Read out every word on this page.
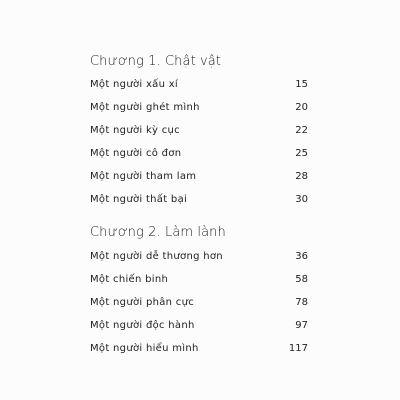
Chương 1. Chật vật
Một người xấu xí	15
Một người ghét mình	20
Một người kỳ cục	22
Một người cô đơn	25
Một người tham lam	28
Một người thất bại	30
Chương 2. Làm lành
Một người dễ thương hơn	36
Một chiến binh	58
Một người phân cực	78
Một người độc hành	97
Một người hiểu mình	117
